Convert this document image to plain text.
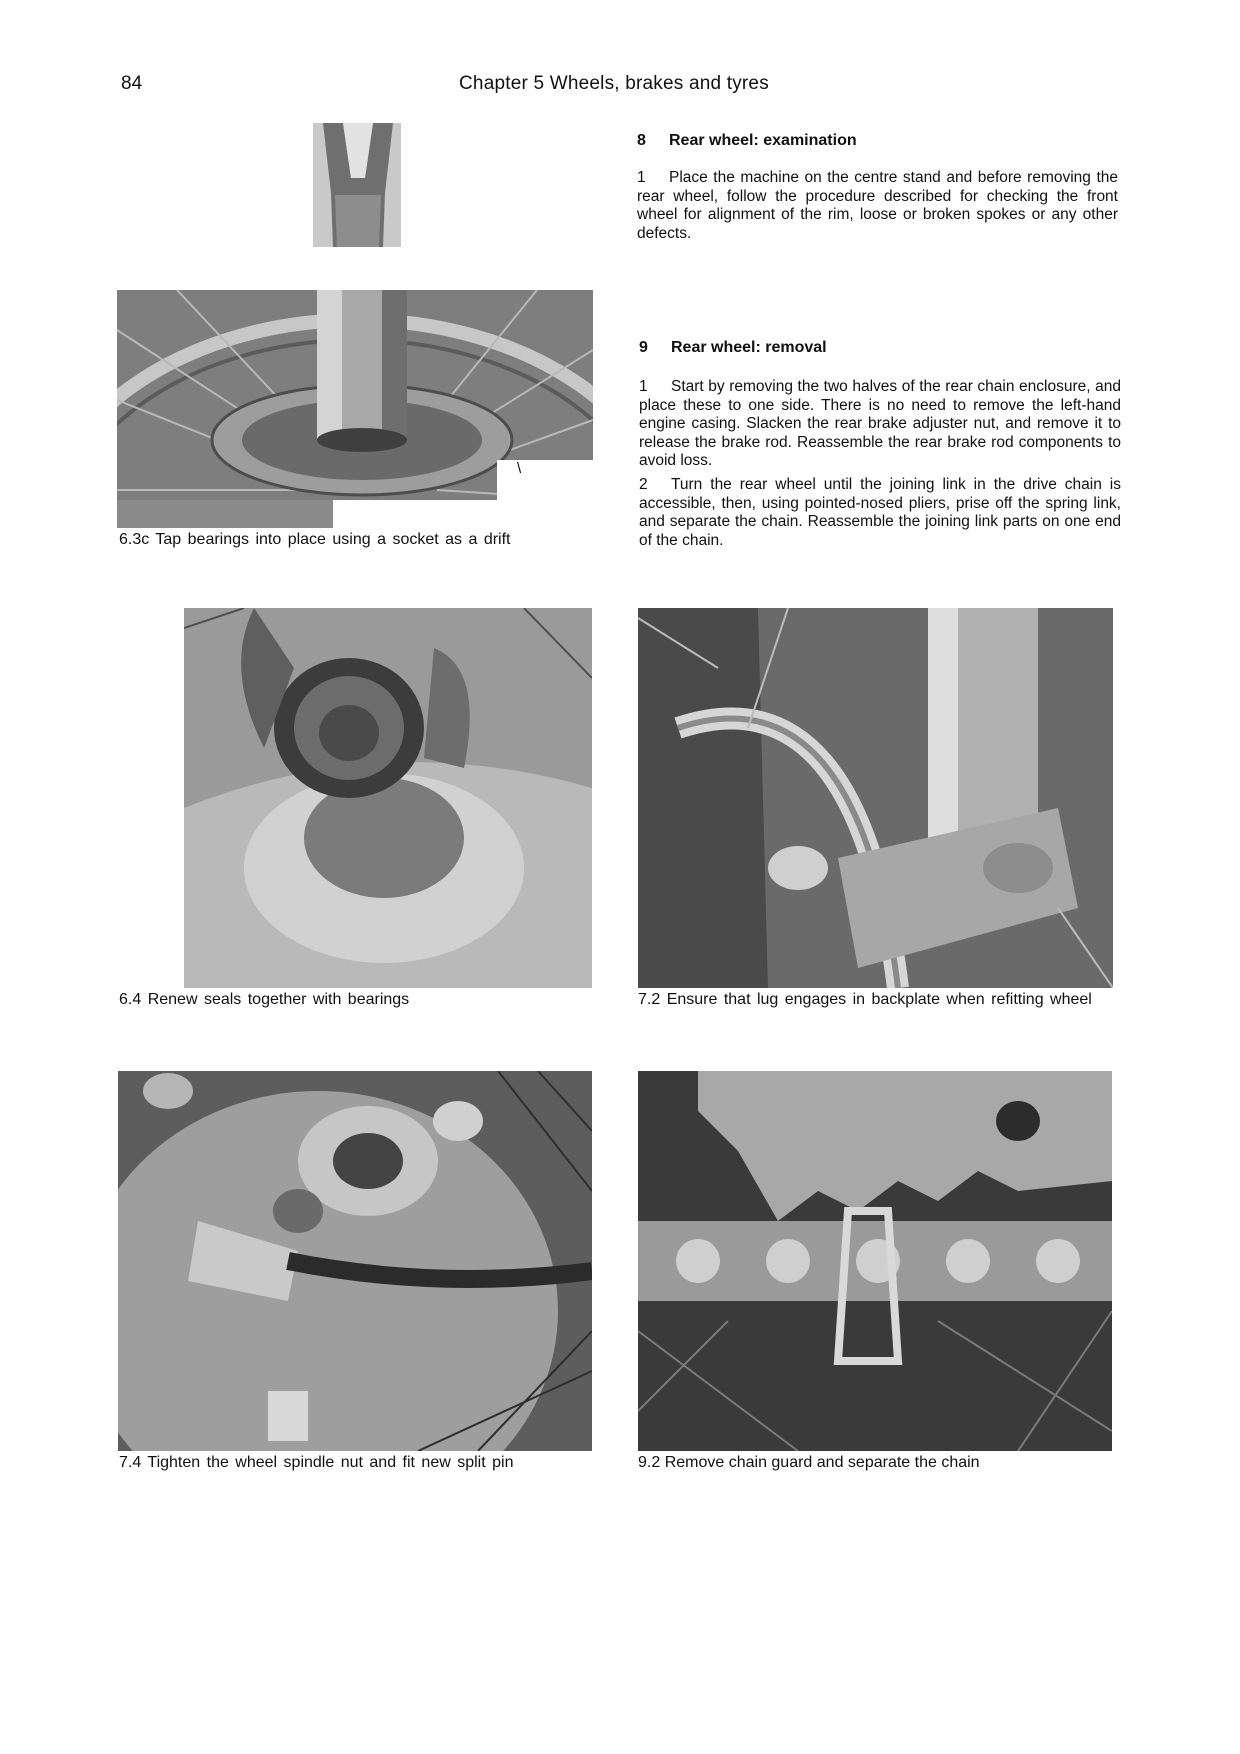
84	Chapter 5 Wheels, brakes and tyres
\
6.3c Tap bearings into place using a socket as a drift
8 Rear wheel: examination

1 Place the machine on the centre stand and before removing the rear wheel, follow the procedure described for checking the front wheel for alignment of the rim, loose or broken spokes or any other defects.

9 Rear wheel: removal

1 Start by removing the two halves of the rear chain enclosure, and place these to one side. There is no need to remove the left-hand engine casing. Slacken the rear brake adjuster nut, and remove it to release the brake rod. Reassemble the rear brake rod components to avoid loss.

2 Turn the rear wheel until the joining link in the drive chain is accessible, then, using pointed-nosed pliers, prise off the spring link, and separate the chain. Reassemble the joining link parts on one end of the chain.

6.4 Renew seals together with bearings	7.2 Ensure that lug engages in backplate when refitting wheel
7.4 Tighten the wheel spindle nut and fit new split pin	9.2 Remove chain guard and separate the chain
